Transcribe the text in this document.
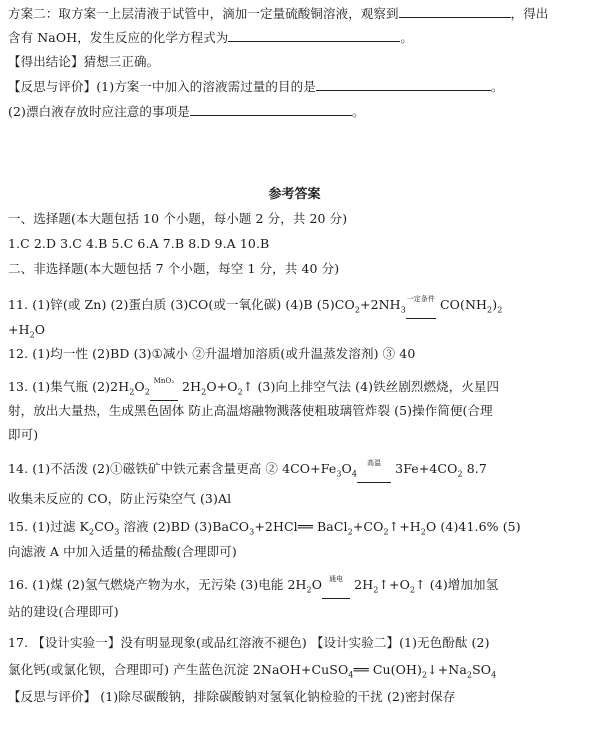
方案二：取方案一上层清液于试管中，滴加一定量硫酸铜溶液，观察到	，得出
含有 NaOH，发生反应的化学方程式为	。
【得出结论】猜想三正确。
【反思与评价】(1)方案一中加入的溶液需过量的目的是	。
(2)漂白液存放时应注意的事项是	。
参考答案
一、选择题(本大题包括 10 个小题，每小题 2 分，共 20 分)
1.C 2.D 3.C 4.B 5.C 6.A 7.B 8.D 9.A 10.B
二、非选择题(本大题包括 7 个小题，每空 1 分，共 40 分)
11. (1)锌(或 Zn) (2)蛋白质 (3)CO(或一氧化碳) (4)B $(5)CO_2+2NH_3$
一定条件 $CO(NH_2)_2$
$+H_2O$
12. (1)均一性 (2)BD (3)①减小 ②升温增加溶质(或升温蒸发溶剂) ③ 40
13. (1)集气瓶 $(2)2H_2O_2$
MnO₂ $2H_2O+O_2↑$ (3)向上排空气法 (4)铁丝剧烈燃烧，火星四
射，放出大量热，生成黑色固体 防止高温熔融物溅落使粗玻璃管炸裂 (5)操作简便(合理
即可)
14. (1)不活泼 (2)①磁铁矿中铁元素含量更高 ② $4CO+Fe_3O_4$
高温 $3Fe+4CO_2$ 8.7
收集未反应的 CO，防止污染空气 (3)Al
15. (1)过滤 $K_2CO_3$ 溶液 (2)BD (3)BaCO$_3$+2HCl══ $BaCl_2+CO_2↑+H_2O$ (4)41.6% (5)
向滤液 A 中加入适量的稀盐酸(合理即可)
16. (1)煤 (2)氢气燃烧产物为水，无污染 (3)电能 $2H_2O$ 通电 $2H_2↑+O_2↑$ (4)增加加氢
站的建设(合理即可)
17. 【设计实验一】没有明显现象(或品红溶液不褪色) 【设计实验二】(1)无色酚酞 (2)
氯化钙(或氯化钡，合理即可) 产生蓝色沉淀 2NaOH+CuSO$_4$══ $Cu(OH)_2↓+Na_2SO_4$
【反思与评价】 (1)除尽碳酸钠，排除碳酸钠对氢氧化钠检验的干扰 (2)密封保存
